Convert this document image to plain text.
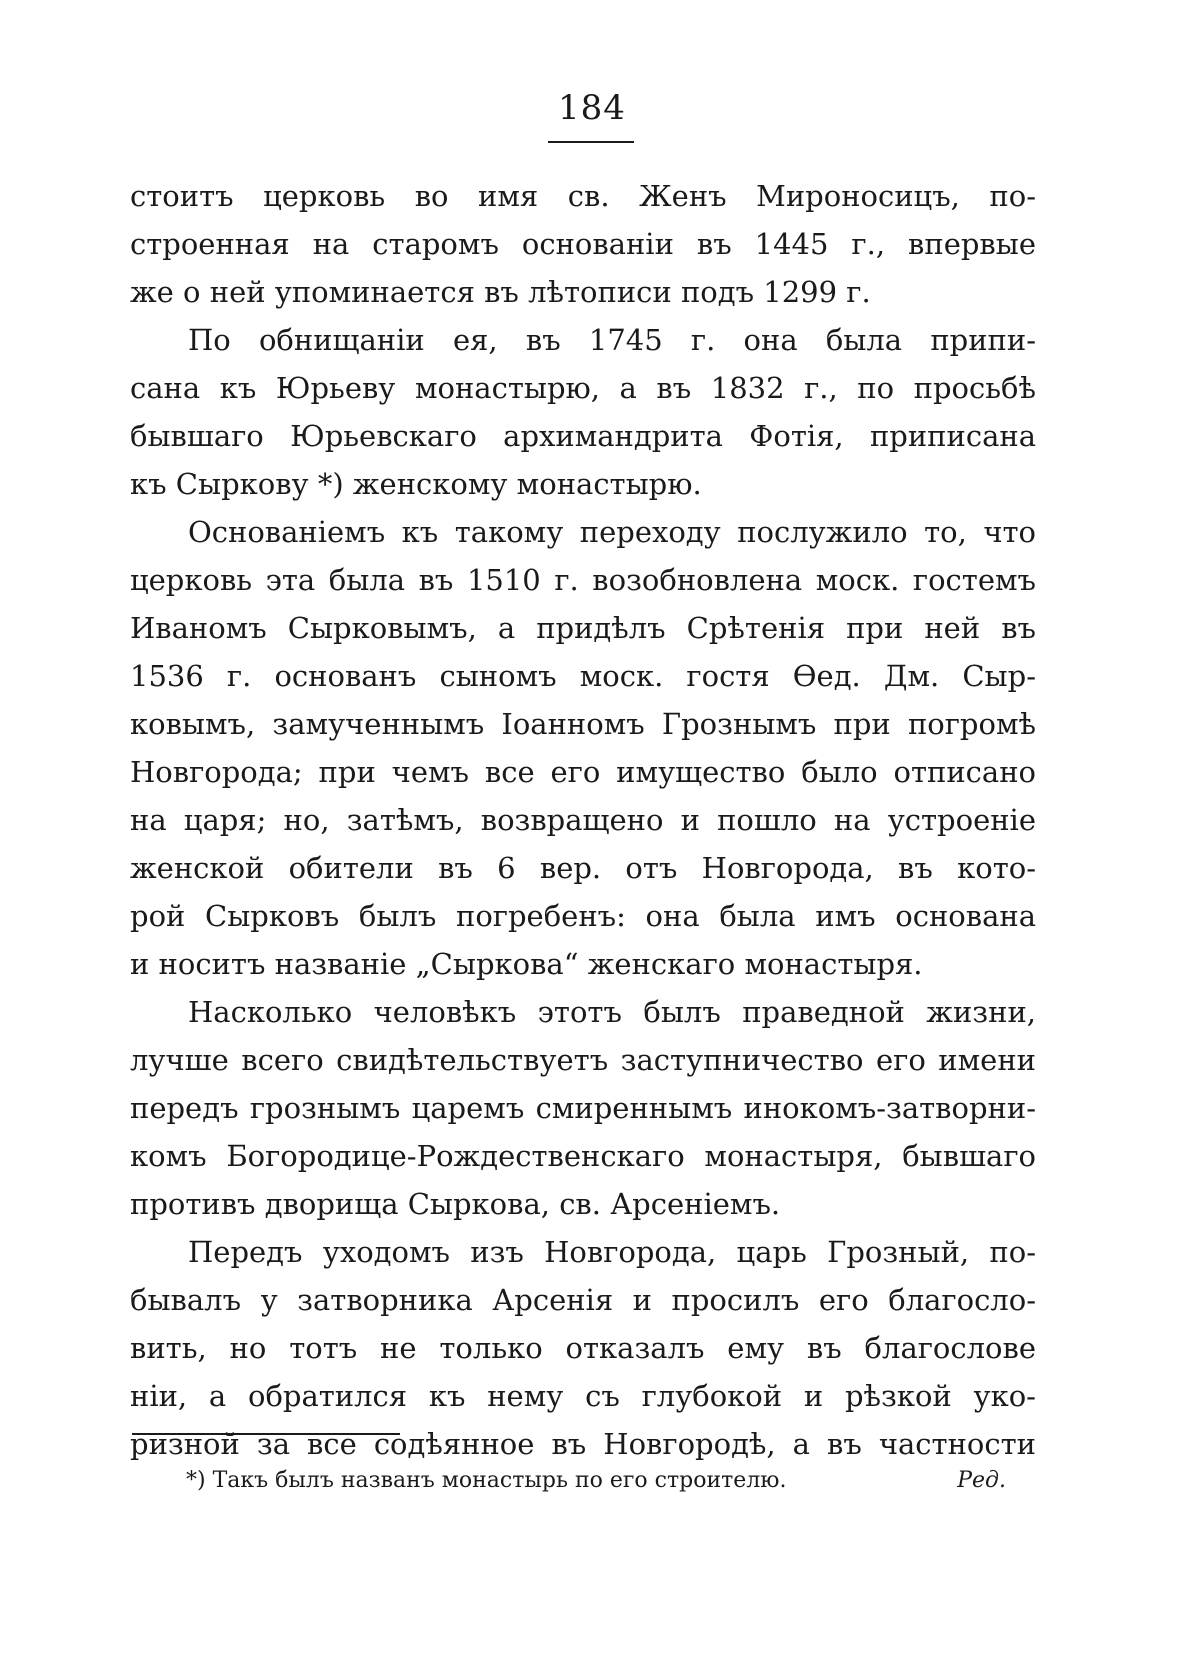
184

стоитъ церковь во имя св. Женъ Мироносицъ, по-
строенная на старомъ основанiи въ 1445 г., впервые
же о ней упоминается въ лѣтописи подъ 1299 г.

По обнищанiи ея, въ 1745 г. она была припи-
сана къ Юрьеву монастырю, а въ 1832 г., по просьбѣ
бывшаго Юрьевскаго архимандрита Фотiя, приписана
къ Сыркову *) женскому монастырю.

Основанiемъ къ такому переходу послужило то, что
церковь эта была въ 1510 г. возобновлена моск. гостемъ
Иваномъ Сырковымъ, а придѣлъ Срѣтенiя при ней въ
1536 г. основанъ сыномъ моск. гостя Ѳед. Дм. Сыр-
ковымъ, замученнымъ Iоанномъ Грознымъ при погромѣ
Новгорода; при чемъ все его имущество было отписано
на царя; но, затѣмъ, возвращено и пошло на устроенiе
женской обители въ 6 вер. отъ Новгорода, въ кото-
рой Сырковъ былъ погребенъ: она была имъ основана
и носитъ названiе „Сыркова“ женскаго монастыря.

Насколько человѣкъ этотъ былъ праведной жизни,
лучше всего свидѣтельствуетъ заступничество его имени
передъ грознымъ царемъ смиреннымъ инокомъ-затворни-
комъ Богородице-Рождественскаго монастыря, бывшаго
противъ дворища Сыркова, св. Арсенiемъ.

Передъ уходомъ изъ Новгорода, царь Грозный, по-
бывалъ у затворника Арсенiя и просилъ его благосло-
вить, но тотъ не только отказалъ ему въ благослове
нiи, а обратился къ нему съ глубокой и рѣзкой уко-
ризной за все содѣянное въ Новгородѣ, а въ частности

*) Такъ былъ названъ монастырь по его строителю.	Ред.
